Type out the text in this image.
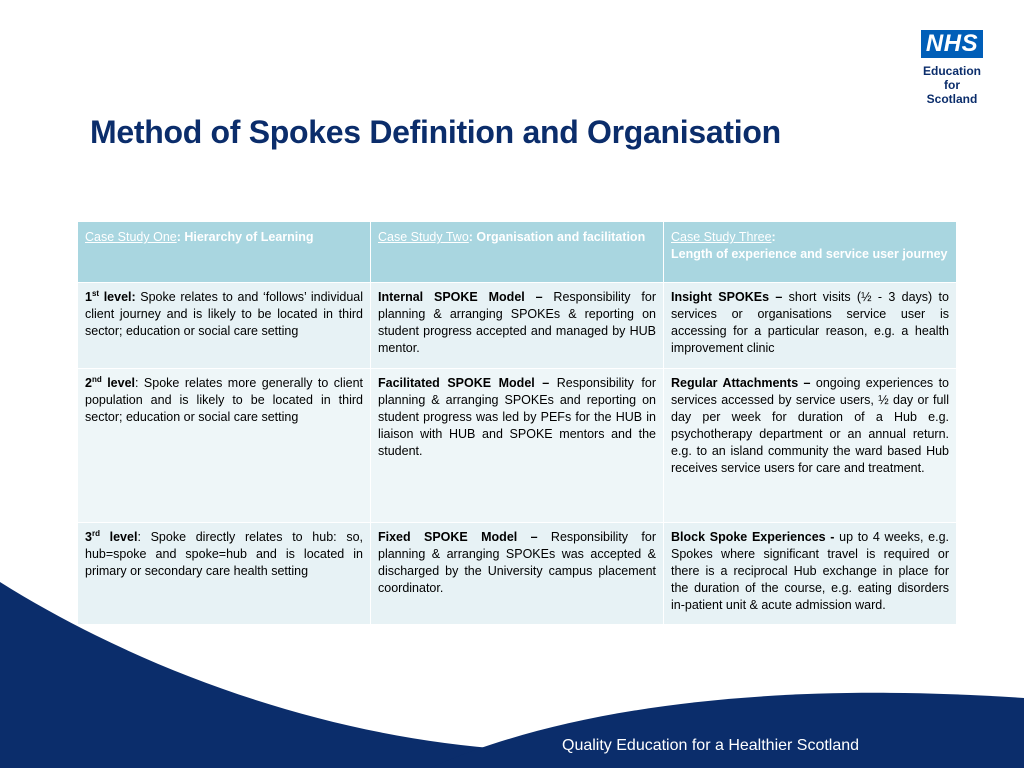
NHS
Education
for
Scotland
Method of Spokes Definition and Organisation
Case Study One: Hierarchy of Learning	Case Study Two: Organisation and facilitation	Case Study Three:
Length of experience and service user journey
1st level: Spoke relates to and ‘follows’ individual client journey and is likely to be located in third sector; education or social care setting	Internal SPOKE Model – Responsibility for planning & arranging SPOKEs & reporting on student progress accepted and managed by HUB mentor.	Insight SPOKEs – short visits (½ - 3 days) to services or organisations service user is accessing for a particular reason, e.g. a health improvement clinic
2nd level: Spoke relates more generally to client population and is likely to be located in third sector; education or social care setting	Facilitated SPOKE Model – Responsibility for planning & arranging SPOKEs and reporting on student progress was led by PEFs for the HUB in liaison with HUB and SPOKE mentors and the student.	Regular Attachments – ongoing experiences to services accessed by service users, ½ day or full day per week for duration of a Hub e.g. psychotherapy department or an annual return. e.g. to an island community the ward based Hub receives service users for care and treatment.
3rd level: Spoke directly relates to hub: so, hub=spoke and spoke=hub and is located in primary or secondary care health setting	Fixed SPOKE Model – Responsibility for planning & arranging SPOKEs was accepted & discharged by the University campus placement coordinator.	Block Spoke Experiences - up to 4 weeks, e.g. Spokes where significant travel is required or there is a reciprocal Hub exchange in place for the duration of the course, e.g. eating disorders in-patient unit & acute admission ward.
Quality Education for a Healthier Scotland
